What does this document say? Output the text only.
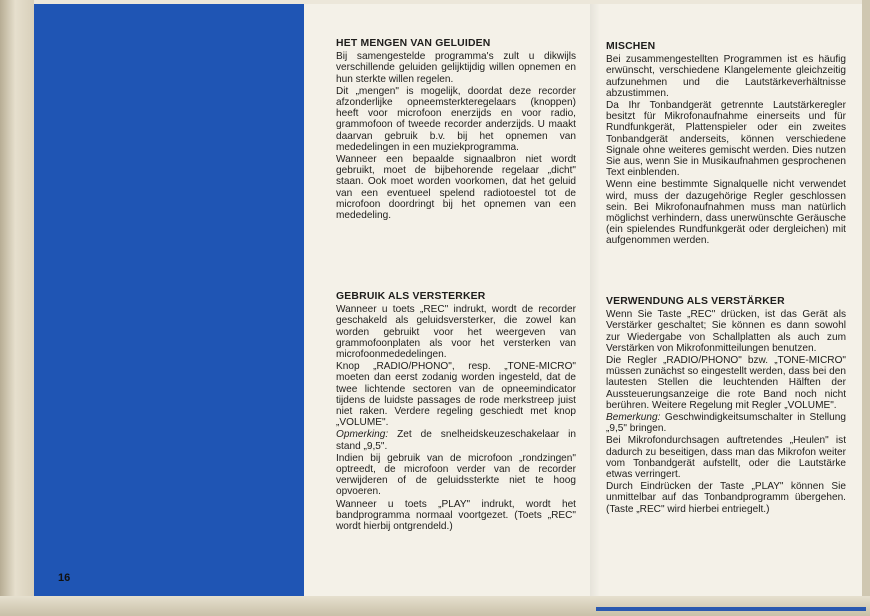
16
HET MENGEN VAN GELUIDEN

Bij samengestelde programma's zult u dikwijls verschillende geluiden gelijktijdig willen opnemen en hun sterkte willen regelen.

Dit „mengen" is mogelijk, doordat deze recorder afzonderlijke opneemsterkteregelaars (knoppen) heeft voor microfoon enerzijds en voor radio, grammofoon of tweede recorder anderzijds. U maakt daarvan gebruik b.v. bij het opnemen van mededelingen in een muziekprogramma.

Wanneer een bepaalde signaalbron niet wordt gebruikt, moet de bijbehorende regelaar „dicht" staan. Ook moet worden voorkomen, dat het geluid van een eventueel spelend radiotoestel tot de microfoon doordringt bij het opnemen van een mededeling.

GEBRUIK ALS VERSTERKER

Wanneer u toets „REC" indrukt, wordt de recorder geschakeld als geluidsversterker, die zowel kan worden gebruikt voor het weergeven van grammofoonplaten als voor het versterken van microfoonmededelingen.

Knop „RADIO/PHONO", resp. „TONE-MICRO" moeten dan eerst zodanig worden ingesteld, dat de twee lichtende sectoren van de opneemindicator tijdens de luidste passages de rode merkstreep juist niet raken. Verdere regeling geschiedt met knop „VOLUME".

Opmerking: Zet de snelheidskeuzeschakelaar in stand „9,5".

Indien bij gebruik van de microfoon „rondzingen" optreedt, de microfoon verder van de recorder verwijderen of de geluidssterkte niet te hoog opvoeren.

Wanneer u toets „PLAY" indrukt, wordt het bandprogramma normaal voortgezet. (Toets „REC" wordt hierbij ontgrendeld.)

MISCHEN

Bei zusammengestellten Programmen ist es häufig erwünscht, verschiedene Klangelemente gleichzeitig aufzunehmen und die Lautstärkeverhältnisse abzustimmen.

Da Ihr Tonbandgerät getrennte Lautstärkeregler besitzt für Mikrofonaufnahme einerseits und für Rundfunkgerät, Plattenspieler oder ein zweites Tonbandgerät anderseits, können verschiedene Signale ohne weiteres gemischt werden. Dies nutzen Sie aus, wenn Sie in Musikaufnahmen gesprochenen Text einblenden.

Wenn eine bestimmte Signalquelle nicht verwendet wird, muss der dazugehörige Regler geschlossen sein. Bei Mikrofonaufnahmen muss man natürlich möglichst verhindern, dass unerwünschte Geräusche (ein spielendes Rundfunkgerät oder dergleichen) mit aufgenommen werden.

VERWENDUNG ALS VERSTÄRKER

Wenn Sie Taste „REC" drücken, ist das Gerät als Verstärker geschaltet; Sie können es dann sowohl zur Wiedergabe von Schallplatten als auch zum Verstärken von Mikrofonmitteilungen benutzen.

Die Regler „RADIO/PHONO" bzw. „TONE-MICRO" müssen zunächst so eingestellt werden, dass bei den lautesten Stellen die leuchtenden Hälften der Aussteuerungsanzeige die rote Band noch nicht berühren. Weitere Regelung mit Regler „VOLUME".

Bemerkung: Geschwindigkeitsumschalter in Stellung „9,5" bringen.

Bei Mikrofondurchsagen auftretendes „Heulen" ist dadurch zu beseitigen, dass man das Mikrofon weiter vom Tonbandgerät aufstellt, oder die Lautstärke etwas verringert.

Durch Eindrücken der Taste „PLAY" können Sie unmittelbar auf das Tonbandprogramm übergehen. (Taste „REC" wird hierbei entriegelt.)
